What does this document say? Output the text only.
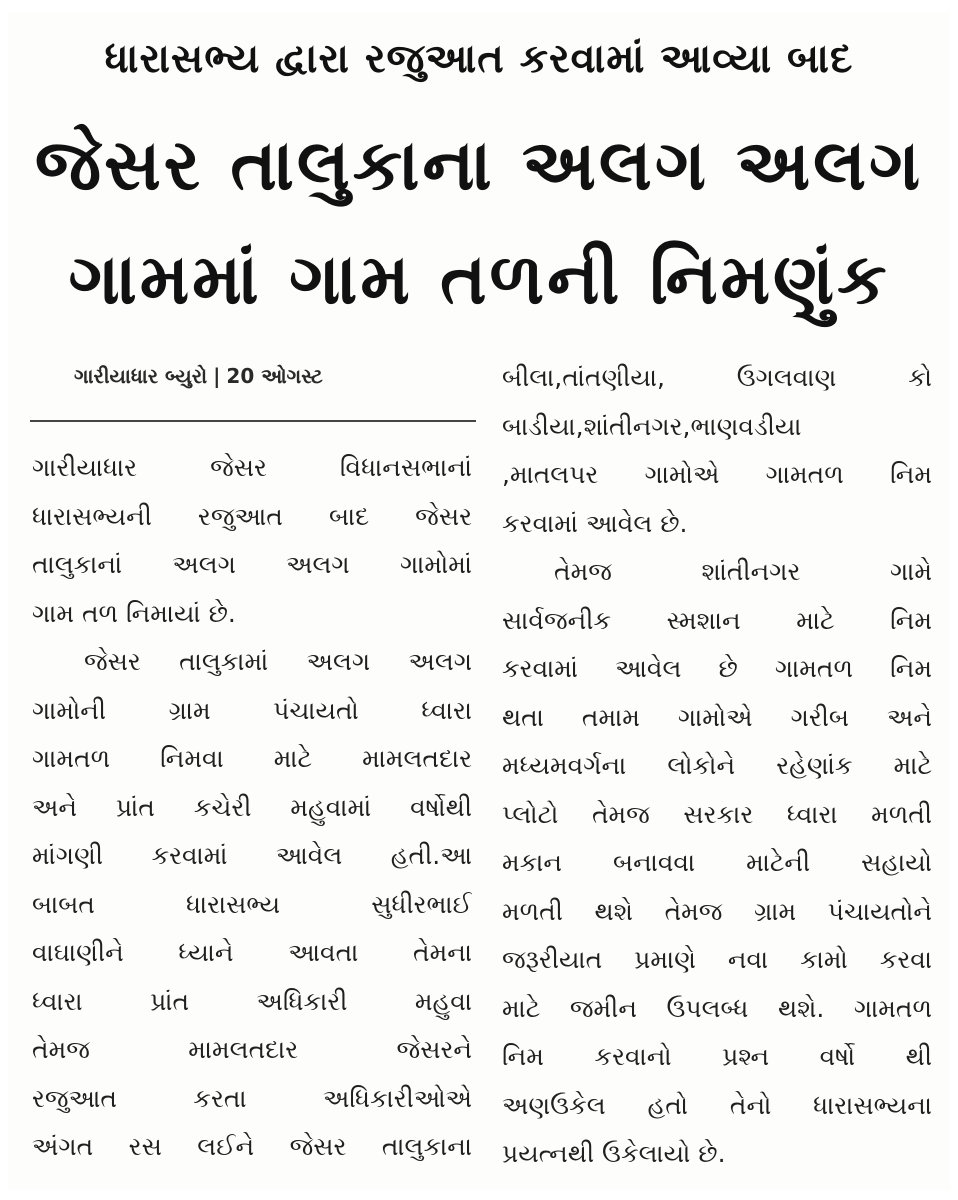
ધારાસભ્ય દ્વારા રજુઆત કરવામાં આવ્યા બાદ
જેસર તાલુકાના અલગ અલગ
ગામમાં ગામ તળની નિમણુંક
ગારીયાધાર બ્યુરો | 20 ઓગસ્ટ
ગારીયાધાર જેસર વિધાનસભાનાં
ધારાસભ્યની રજુઆત બાદ જેસર
તાલુકાનાં અલગ અલગ ગામોમાં
ગામ તળ નિમાયાં છે.
જેસર તાલુકામાં અલગ અલગ
ગામોની ગ્રામ પંચાયતો ધ્વારા
ગામતળ નિમવા માટે મામલતદાર
અને પ્રાંત કચેરી મહુવામાં વર્ષોથી
માંગણી કરવામાં આવેલ હતી.આ
બાબત ધારાસભ્ય સુધીરભાઈ
વાઘાણીને ધ્યાને આવતા તેમના
ધ્વારા પ્રાંત અધિકારી મહુવા
તેમજ મામલતદાર જેસરને
રજુઆત કરતા અધિકારીઓએ
અંગત રસ લઈને જેસર તાલુકાના
બીલા,તાંતણીયા, ઉગલવાણ કો
બાડીયા,શાંતીનગર,ભાણવડીયા
,માતલપર ગામોએ ગામતળ નિમ
કરવામાં આવેલ છે.
તેમજ શાંતીનગર ગામે
સાર્વજનીક સ્મશાન માટે નિમ
કરવામાં આવેલ છે ગામતળ નિમ
થતા તમામ ગામોએ ગરીબ અને
મધ્યમવર્ગના લોકોને રહેણાંક માટે
પ્લોટો તેમજ સરકાર ધ્વારા મળતી
મકાન બનાવવા માટેની સહાયો
મળતી થશે તેમજ ગ્રામ પંચાયતોને
જરૂરીયાત પ્રમાણે નવા કામો કરવા
માટે જમીન ઉપલબ્ધ થશે. ગામતળ
નિમ કરવાનો પ્રશ્ન વર્ષો થી
અણઉકેલ હતો તેનો ધારાસભ્યના
પ્રયત્નથી ઉકેલાયો છે.
